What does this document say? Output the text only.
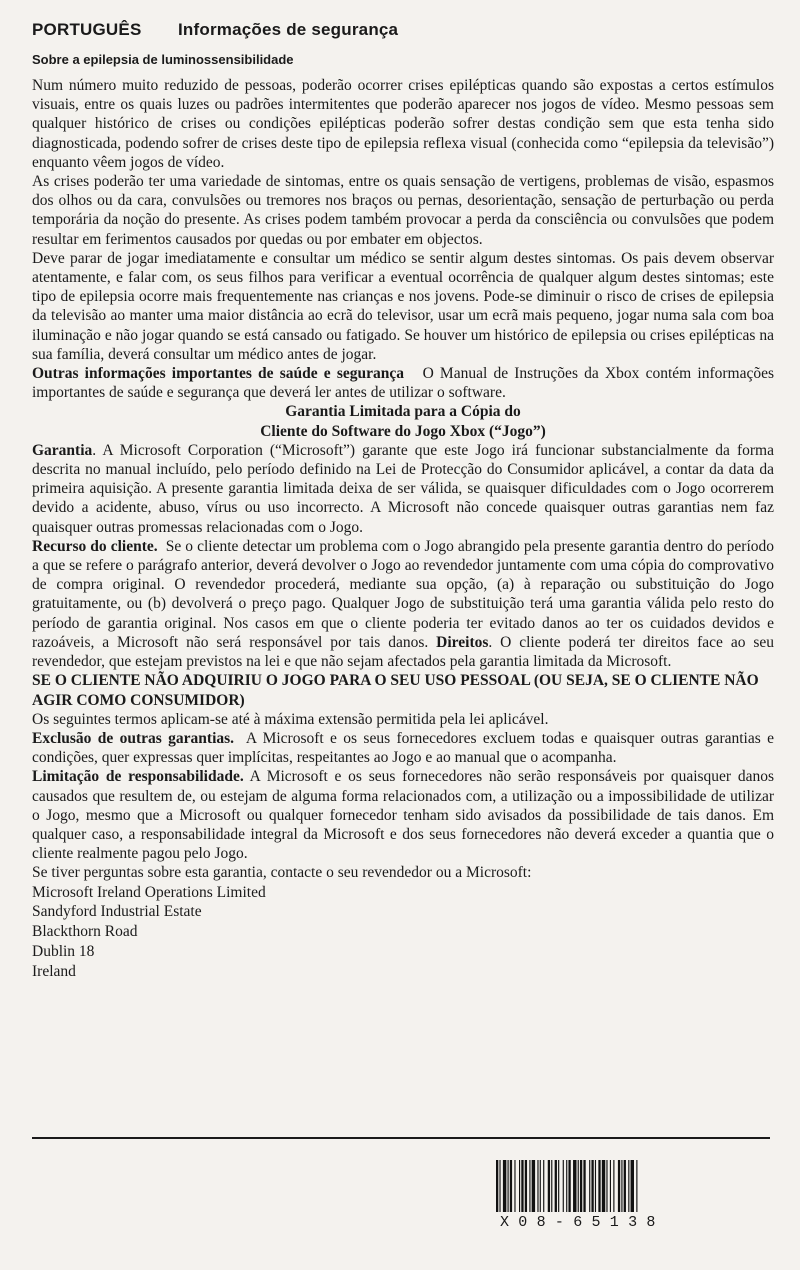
PORTUGUÊS Informações de segurança
Sobre a epilepsia de luminossensibilidade

Num número muito reduzido de pessoas, poderão ocorrer crises epilépticas quando são expostas a certos estímulos visuais, entre os quais luzes ou padrões intermitentes que poderão aparecer nos jogos de vídeo. Mesmo pessoas sem qualquer histórico de crises ou condições epilépticas poderão sofrer destas condição sem que esta tenha sido diagnosticada, podendo sofrer de crises deste tipo de epilepsia reflexa visual (conhecida como “epilepsia da televisão”) enquanto vêem jogos de vídeo.

As crises poderão ter uma variedade de sintomas, entre os quais sensação de vertigens, problemas de visão, espasmos dos olhos ou da cara, convulsões ou tremores nos braços ou pernas, desorientação, sensação de perturbação ou perda temporária da noção do presente. As crises podem também provocar a perda da consciência ou convulsões que podem resultar em ferimentos causados por quedas ou por embater em objectos.

Deve parar de jogar imediatamente e consultar um médico se sentir algum destes sintomas. Os pais devem observar atentamente, e falar com, os seus filhos para verificar a eventual ocorrência de qualquer algum destes sintomas; este tipo de epilepsia ocorre mais frequentemente nas crianças e nos jovens. Pode-se diminuir o risco de crises de epilepsia da televisão ao manter uma maior distância ao ecrã do televisor, usar um ecrã mais pequeno, jogar numa sala com boa iluminação e não jogar quando se está cansado ou fatigado. Se houver um histórico de epilepsia ou crises epilépticas na sua família, deverá consultar um médico antes de jogar.

Outras informações importantes de saúde e segurança O Manual de Instruções da Xbox contém informações importantes de saúde e segurança que deverá ler antes de utilizar o software.

Garantia Limitada para a Cópia do

Cliente do Software do Jogo Xbox (“Jogo”)

Garantia. A Microsoft Corporation (“Microsoft”) garante que este Jogo irá funcionar substancialmente da forma descrita no manual incluído, pelo período definido na Lei de Protecção do Consumidor aplicável, a contar da data da primeira aquisição. A presente garantia limitada deixa de ser válida, se quaisquer dificuldades com o Jogo ocorrerem devido a acidente, abuso, vírus ou uso incorrecto. A Microsoft não concede quaisquer outras garantias nem faz quaisquer outras promessas relacionadas com o Jogo.

Recurso do cliente. Se o cliente detectar um problema com o Jogo abrangido pela presente garantia dentro do período a que se refere o parágrafo anterior, deverá devolver o Jogo ao revendedor juntamente com uma cópia do comprovativo de compra original. O revendedor procederá, mediante sua opção, (a) à reparação ou substituição do Jogo gratuitamente, ou (b) devolverá o preço pago. Qualquer Jogo de substituição terá uma garantia válida pelo resto do período de garantia original. Nos casos em que o cliente poderia ter evitado danos ao ter os cuidados devidos e razoáveis, a Microsoft não será responsável por tais danos. Direitos. O cliente poderá ter direitos face ao seu revendedor, que estejam previstos na lei e que não sejam afectados pela garantia limitada da Microsoft.

SE O CLIENTE NÃO ADQUIRIU O JOGO PARA O SEU USO PESSOAL (OU SEJA, SE O CLIENTE NÃO AGIR COMO CONSUMIDOR)

Os seguintes termos aplicam-se até à máxima extensão permitida pela lei aplicável.

Exclusão de outras garantias. A Microsoft e os seus fornecedores excluem todas e quaisquer outras garantias e condições, quer expressas quer implícitas, respeitantes ao Jogo e ao manual que o acompanha.

Limitação de responsabilidade. A Microsoft e os seus fornecedores não serão responsáveis por quaisquer danos causados que resultem de, ou estejam de alguma forma relacionados com, a utilização ou a impossibilidade de utilizar o Jogo, mesmo que a Microsoft ou qualquer fornecedor tenham sido avisados da possibilidade de tais danos. Em qualquer caso, a responsabilidade integral da Microsoft e dos seus fornecedores não deverá exceder a quantia que o cliente realmente pagou pelo Jogo.

Se tiver perguntas sobre esta garantia, contacte o seu revendedor ou a Microsoft:

Microsoft Ireland Operations Limited
Sandyford Industrial Estate
Blackthorn Road
Dublin 18
Ireland
X08-65138
